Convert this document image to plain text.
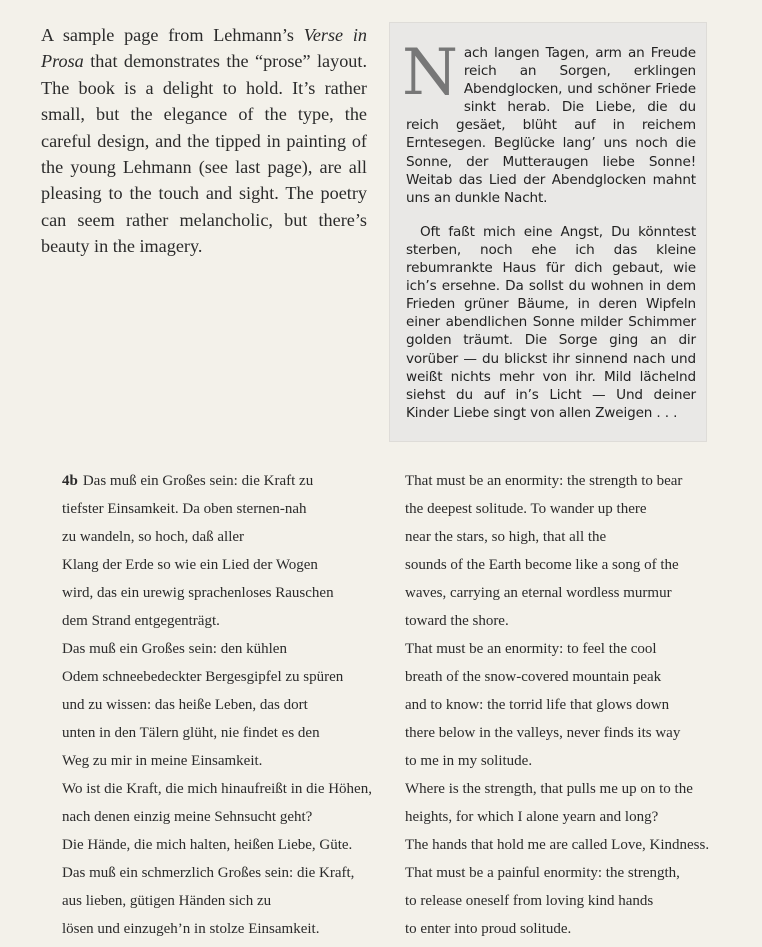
A sample page from Lehmann’s Verse in Prosa that demonstrates the “prose” layout. The book is a delight to hold. It’s rather small, but the elegance of the type, the careful design, and the tipped in painting of the young Lehmann (see last page), are all pleasing to the touch and sight. The poetry can seem rather melancholic, but there’s beauty in the imagery.

Nach langen Tagen, arm an Freude reich an Sorgen, erklingen Abendglocken, und schöner Friede sinkt herab. Die Liebe, die du reich gesäet, blüht auf in reichem Erntesegen. Beglücke lang’ uns noch die Sonne, der Mutteraugen liebe Sonne! Weitab das Lied der Abendglocken mahnt uns an dunkle Nacht.

Oft faßt mich eine Angst, Du könntest sterben, noch ehe ich das kleine rebumrankte Haus für dich gebaut, wie ich’s ersehne. Da sollst du wohnen in dem Frieden grüner Bäume, in deren Wipfeln einer abendlichen Sonne milder Schimmer golden träumt. Die Sorge ging an dir vorüber — du blickst ihr sinnend nach und weißt nichts mehr von ihr. Mild lächelnd siehst du auf in’s Licht — Und deiner Kinder Liebe singt von allen Zweigen . . .

4b Das muß ein Großes sein: die Kraft zu	That must be an enormity: the strength to bear
tiefster Einsamkeit. Da oben sternen-nah	the deepest solitude. To wander up there
zu wandeln, so hoch, daß aller	near the stars, so high, that all the
Klang der Erde so wie ein Lied der Wogen	sounds of the Earth become like a song of the
wird, das ein urewig sprachenloses Rauschen	waves, carrying an eternal wordless murmur
dem Strand entgegenträgt.	toward the shore.
Das muß ein Großes sein: den kühlen	That must be an enormity: to feel the cool
Odem schneebedeckter Bergesgipfel zu spüren	breath of the snow-covered mountain peak
und zu wissen: das heiße Leben, das dort	and to know: the torrid life that glows down
unten in den Tälern glüht, nie findet es den	there below in the valleys, never finds its way
Weg zu mir in meine Einsamkeit.	to me in my solitude.
Wo ist die Kraft, die mich hinaufreißt in die Höhen,	Where is the strength, that pulls me up on to the
nach denen einzig meine Sehnsucht geht?	heights, for which I alone yearn and long?
Die Hände, die mich halten, heißen Liebe, Güte.	The hands that hold me are called Love, Kindness.
Das muß ein schmerzlich Großes sein: die Kraft,	That must be a painful enormity: the strength,
aus lieben, gütigen Händen sich zu	to release oneself from loving kind hands
lösen und einzugeh’n in stolze Einsamkeit.	to enter into proud solitude.
